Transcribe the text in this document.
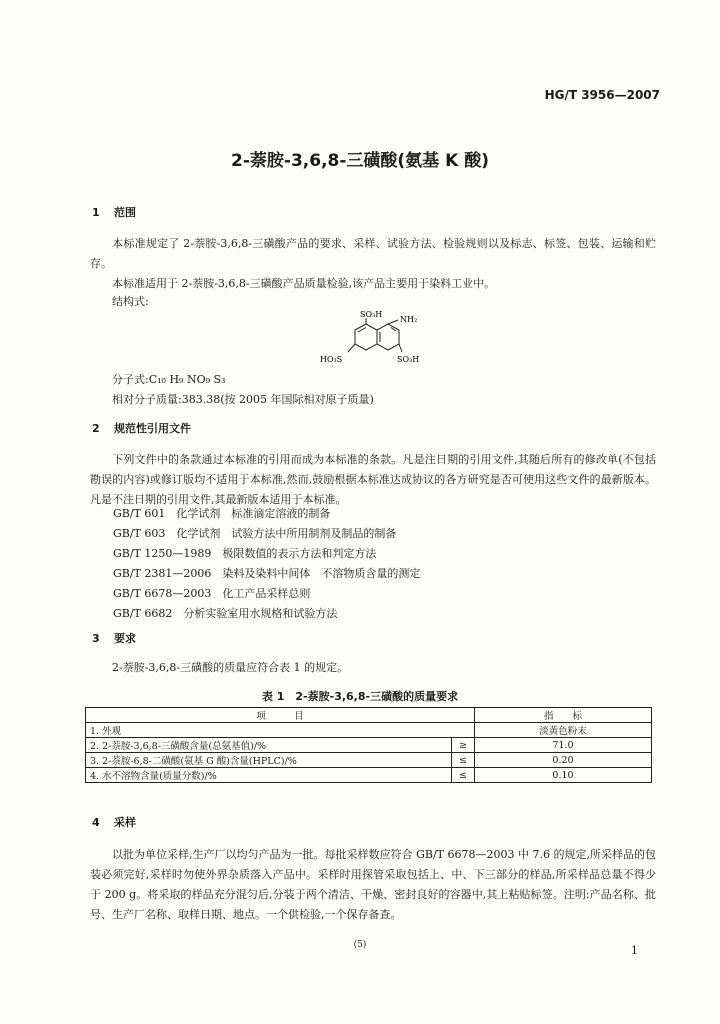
HG/T 3956—2007
2-萘胺-3,6,8-三磺酸(氨基 K 酸)
1 范围
本标准规定了 2-萘胺-3,6,8-三磺酸产品的要求、采样、试验方法、检验规则以及标志、标签、包装、运输和贮存。
本标准适用于 2-萘胺-3,6,8-三磺酸产品质量检验,该产品主要用于染料工业中。
结构式:
SO₃H
NH₂
HO₃S	SO₃H
分子式:C₁₀ H₉ NO₉ S₃
相对分子质量:383.38(按 2005 年国际相对原子质量)
2 规范性引用文件
下列文件中的条款通过本标准的引用而成为本标准的条款。凡是注日期的引用文件,其随后所有的修改单(不包括勘误的内容)或修订版均不适用于本标准,然而,鼓励根据本标准达成协议的各方研究是否可使用这些文件的最新版本。凡是不注日期的引用文件,其最新版本适用于本标准。
GB/T 601　 化学试剂　标准滴定溶液的制备
GB/T 603　 化学试剂　试验方法中所用制剂及制品的制备
GB/T 1250—1989　 极限数值的表示方法和判定方法
GB/T 2381—2006　 染料及染料中间体　不溶物质含量的测定
GB/T 6678—2003　 化工产品采样总则
GB/T 6682　 分析实验室用水规格和试验方法
3 要求
2-萘胺-3,6,8-三磺酸的质量应符合表 1 的规定。
表 1　2-萘胺-3,6,8-三磺酸的质量要求
项　　　目		指　　标
1. 外观		淡黄色粉末
2. 2-萘胺-3,6,8-三磺酸含量(总氨基值)/%	≥	71.0
3. 2-萘胺-6,8-二磺酸(氨基 G 酸)含量(HPLC)/%	≤	0.20
4. 水不溶物含量(质量分数)/%	≤	0.10
4 采样
以批为单位采样,生产厂以均匀产品为一批。每批采样数应符合 GB/T 6678—2003 中 7.6 的规定,所采样品的包装必须完好,采样时勿使外界杂质落入产品中。采样时用探管采取包括上、中、下三部分的样品,所采样品总量不得少于 200 g。将采取的样品充分混匀后,分装于两个清洁、干燥、密封良好的容器中,其上粘贴标签。注明:产品名称、批号、生产厂名称、取样日期、地点。一个供检验,一个保存备查。
(5)	1
